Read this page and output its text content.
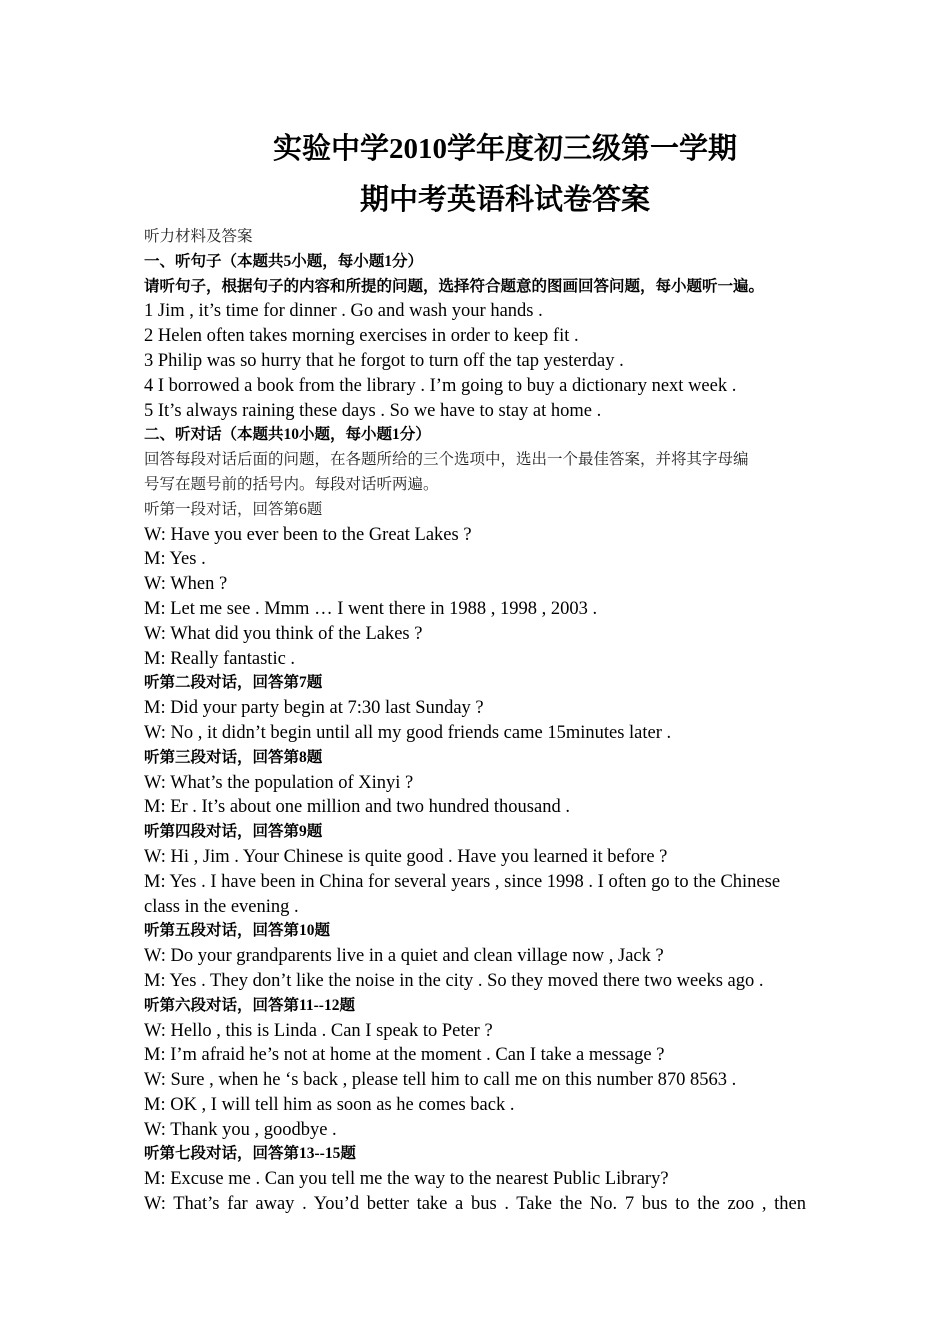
实验中学2010学年度初三级第一学期
期中考英语科试卷答案
听力材料及答案
一、听句子（本题共5小题，每小题1分）
请听句子，根据句子的内容和所提的问题，选择符合题意的图画回答问题，每小题听一遍。
1 Jim , it’s time for dinner . Go and wash your hands .
2 Helen often takes morning exercises in order to keep fit .
3 Philip was so hurry that he forgot to turn off the tap yesterday .
4 I borrowed a book from the library . I’m going to buy a dictionary next week .
5 It’s always raining these days . So we have to stay at home .
二、听对话（本题共10小题，每小题1分）
回答每段对话后面的问题，在各题所给的三个选项中，选出一个最佳答案，并将其字母编
号写在题号前的括号内。每段对话听两遍。
听第一段对话，回答第6题
W: Have you ever been to the Great Lakes ?
M: Yes .
W: When ?
M: Let me see . Mmm … I went there in 1988 , 1998 , 2003 .
W: What did you think of the Lakes ?
M: Really fantastic .
听第二段对话，回答第7题
M: Did your party begin at 7:30 last Sunday ?
W: No , it didn’t begin until all my good friends came 15minutes later .
听第三段对话，回答第8题
W: What’s the population of Xinyi ?
M: Er . It’s about one million and two hundred thousand .
听第四段对话，回答第9题
W: Hi , Jim . Your Chinese is quite good . Have you learned it before ?
M: Yes . I have been in China for several years , since 1998 . I often go to the Chinese
class in the evening .
听第五段对话，回答第10题
W: Do your grandparents live in a quiet and clean village now , Jack ?
M: Yes . They don’t like the noise in the city . So they moved there two weeks ago .
听第六段对话，回答第11--12题
W: Hello , this is Linda . Can I speak to Peter ?
M: I’m afraid he’s not at home at the moment . Can I take a message ?
W: Sure , when he ‘s back , please tell him to call me on this number 870 8563 .
M: OK , I will tell him as soon as he comes back .
W: Thank you , goodbye .
听第七段对话，回答第13--15题
M: Excuse me . Can you tell me the way to the nearest Public Library?
W: That’s far away . You’d better take a bus . Take the No. 7 bus to the zoo , then
